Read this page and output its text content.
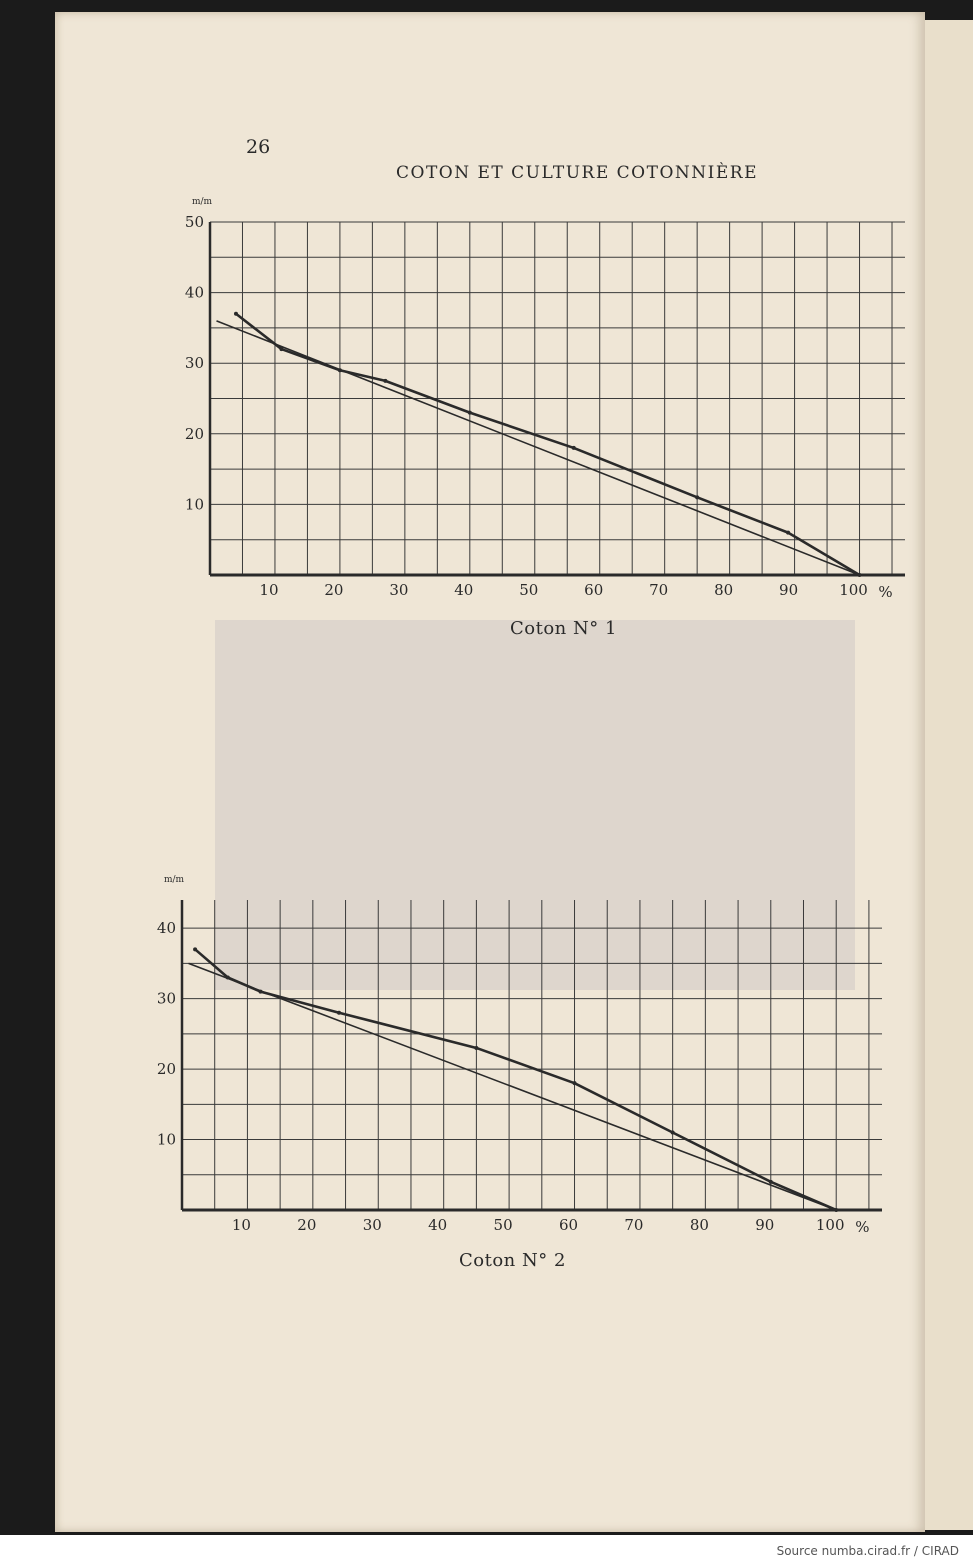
26
COTON ET CULTURE COTONNIÈRE
m/m
10
20
30
40
50
10	20	30	40	50	60	70	80	90	100 %
m/m
10
20
30
40
10	20	30	40	50	60	70	80	90	100 %
Coton N° 1
Coton N° 2
Source numba.cirad.fr / CIRAD
